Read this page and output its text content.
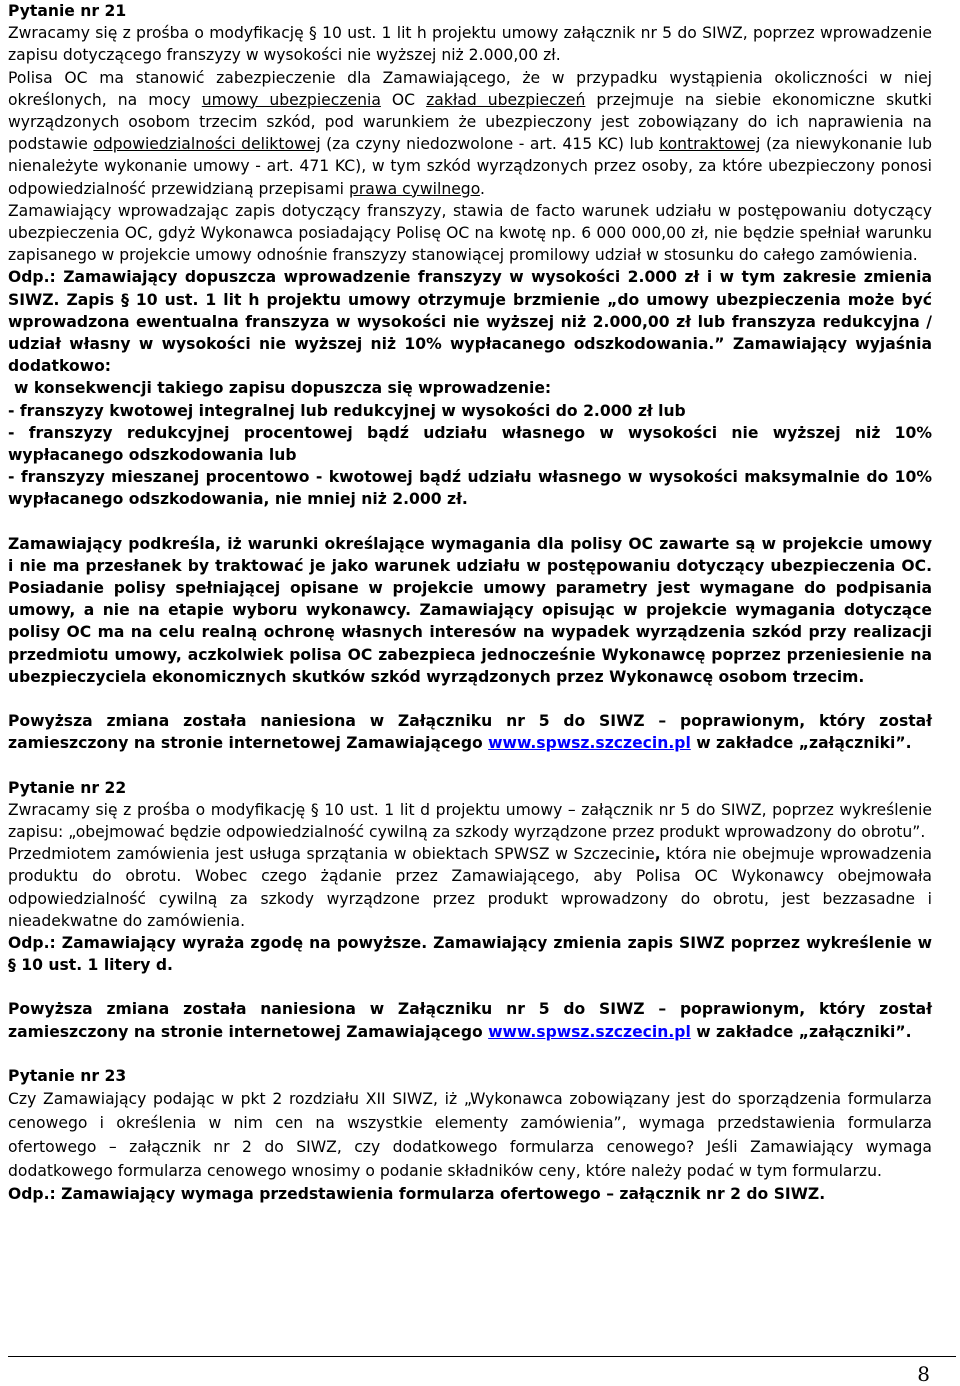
Pytanie nr 21

Zwracamy się z prośba o modyfikację § 10 ust. 1 lit h projektu umowy załącznik nr 5 do SIWZ, poprzez wprowadzenie zapisu dotyczącego franszyzy w wysokości nie wyższej niż 2.000,00 zł.

Polisa OC ma stanowić zabezpieczenie dla Zamawiającego, że w przypadku wystąpienia okoliczności w niej określonych, na mocy umowy ubezpieczenia OC zakład ubezpieczeń przejmuje na siebie ekonomiczne skutki wyrządzonych osobom trzecim szkód, pod warunkiem że ubezpieczony jest zobowiązany do ich naprawienia na podstawie odpowiedzialności deliktowej (za czyny niedozwolone - art. 415 KC) lub kontraktowej (za niewykonanie lub nienależyte wykonanie umowy - art. 471 KC), w tym szkód wyrządzonych przez osoby, za które ubezpieczony ponosi odpowiedzialność przewidzianą przepisami prawa cywilnego.

Zamawiający wprowadzając zapis dotyczący franszyzy, stawia de facto warunek udziału w postępowaniu dotyczący ubezpieczenia OC, gdyż Wykonawca posiadający Polisę OC na kwotę np. 6 000 000,00 zł, nie będzie spełniał warunku zapisanego w projekcie umowy odnośnie franszyzy stanowiącej promilowy udział w stosunku do całego zamówienia.

Odp.: Zamawiający dopuszcza wprowadzenie franszyzy w wysokości 2.000 zł i w tym zakresie zmienia SIWZ. Zapis § 10 ust. 1 lit h projektu umowy otrzymuje brzmienie „do umowy ubezpieczenia może być wprowadzona ewentualna franszyza w wysokości nie wyższej niż 2.000,00 zł lub franszyza redukcyjna / udział własny w wysokości nie wyższej niż 10% wypłacanego odszkodowania.” Zamawiający wyjaśnia dodatkowo:

w konsekwencji takiego zapisu dopuszcza się wprowadzenie:

- franszyzy kwotowej integralnej lub redukcyjnej w wysokości do 2.000 zł lub

- franszyzy redukcyjnej procentowej bądź udziału własnego w wysokości nie wyższej niż 10% wypłacanego odszkodowania lub

- franszyzy mieszanej procentowo - kwotowej bądź udziału własnego w wysokości maksymalnie do 10% wypłacanego odszkodowania, nie mniej niż 2.000 zł.

Zamawiający podkreśla, iż warunki określające wymagania dla polisy OC zawarte są w projekcie umowy i nie ma przesłanek by traktować je jako warunek udziału w postępowaniu dotyczący ubezpieczenia OC. Posiadanie polisy spełniającej opisane w projekcie umowy parametry jest wymagane do podpisania umowy, a nie na etapie wyboru wykonawcy. Zamawiający opisując w projekcie wymagania dotyczące polisy OC ma na celu realną ochronę własnych interesów na wypadek wyrządzenia szkód przy realizacji przedmiotu umowy, aczkolwiek polisa OC zabezpieca jednocześnie Wykonawcę poprzez przeniesienie na ubezpieczyciela ekonomicznych skutków szkód wyrządzonych przez Wykonawcę osobom trzecim.

Powyższa zmiana została naniesiona w Załączniku nr 5 do SIWZ – poprawionym, który został zamieszczony na stronie internetowej Zamawiającego www.spwsz.szczecin.pl w zakładce „załączniki”.

Pytanie nr 22

Zwracamy się z prośba o modyfikację § 10 ust. 1 lit d projektu umowy – załącznik nr 5 do SIWZ, poprzez wykreślenie zapisu: „obejmować będzie odpowiedzialność cywilną za szkody wyrządzone przez produkt wprowadzony do obrotu”.

Przedmiotem zamówienia jest usługa sprzątania w obiektach SPWSZ w Szczecinie, która nie obejmuje wprowadzenia produktu do obrotu. Wobec czego żądanie przez Zamawiającego, aby Polisa OC Wykonawcy obejmowała odpowiedzialność cywilną za szkody wyrządzone przez produkt wprowadzony do obrotu, jest bezzasadne i nieadekwatne do zamówienia.

Odp.: Zamawiający wyraża zgodę na powyższe. Zamawiający zmienia zapis SIWZ poprzez wykreślenie w § 10 ust. 1 litery d.

Powyższa zmiana została naniesiona w Załączniku nr 5 do SIWZ – poprawionym, który został zamieszczony na stronie internetowej Zamawiającego www.spwsz.szczecin.pl w zakładce „załączniki”.

Pytanie nr 23

Czy Zamawiający podając w pkt 2 rozdziału XII SIWZ, iż „Wykonawca zobowiązany jest do sporządzenia formularza cenowego i określenia w nim cen na wszystkie elementy zamówienia”, wymaga przedstawienia formularza ofertowego – załącznik nr 2 do SIWZ, czy dodatkowego formularza cenowego? Jeśli Zamawiający wymaga dodatkowego formularza cenowego wnosimy o podanie składników ceny, które należy podać w tym formularzu.

Odp.: Zamawiający wymaga przedstawienia formularza ofertowego – załącznik nr 2 do SIWZ.

8
